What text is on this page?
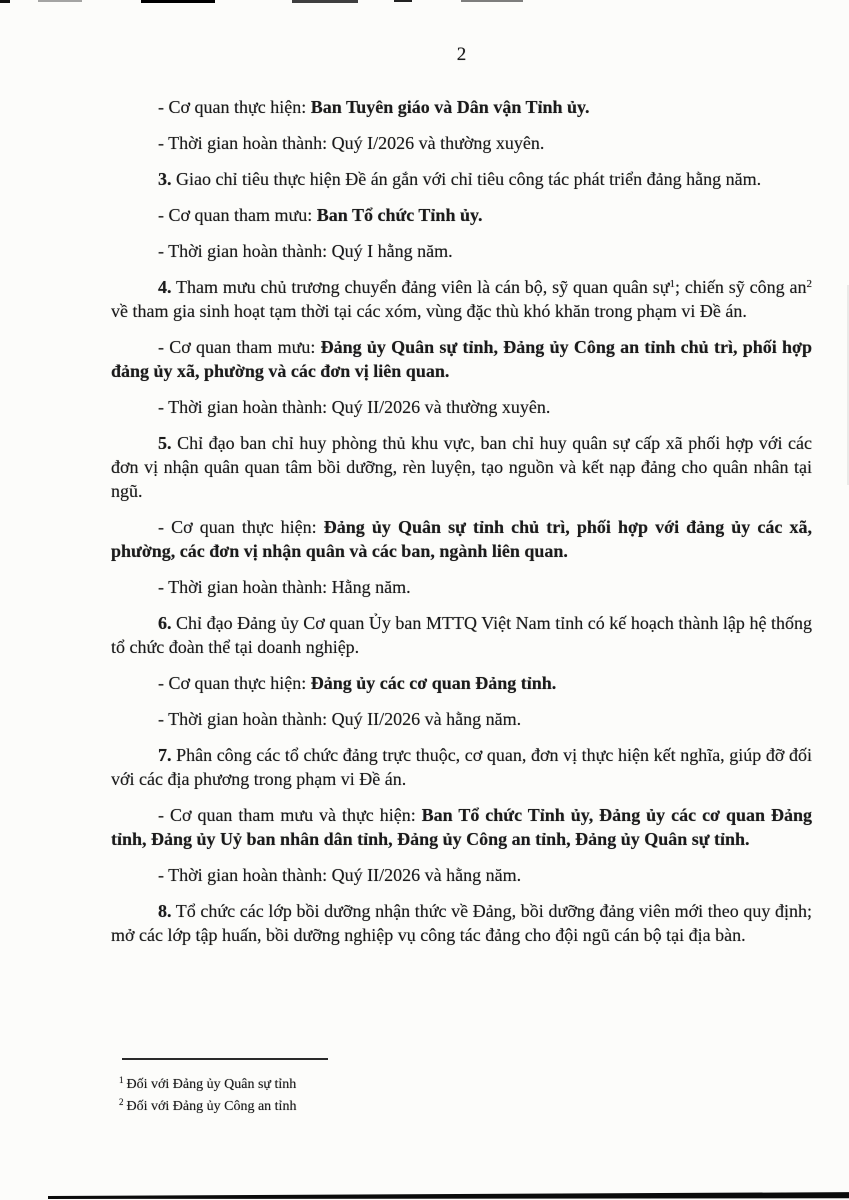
2

- Cơ quan thực hiện: Ban Tuyên giáo và Dân vận Tỉnh ủy.

- Thời gian hoàn thành: Quý I/2026 và thường xuyên.

3. Giao chỉ tiêu thực hiện Đề án gắn với chỉ tiêu công tác phát triển đảng hằng năm.

- Cơ quan tham mưu: Ban Tổ chức Tỉnh ủy.

- Thời gian hoàn thành: Quý I hằng năm.

4. Tham mưu chủ trương chuyển đảng viên là cán bộ, sỹ quan quân sự$^1$; chiến sỹ công $an^2$ về tham gia sinh hoạt tạm thời tại các xóm, vùng đặc thù khó khăn trong phạm vi Đề án.

- Cơ quan tham mưu: Đảng ủy Quân sự tỉnh, Đảng ủy Công an tỉnh chủ trì, phối hợp đảng ủy xã, phường và các đơn vị liên quan.

- Thời gian hoàn thành: Quý II/2026 và thường xuyên.

5. Chỉ đạo ban chỉ huy phòng thủ khu vực, ban chỉ huy quân sự cấp xã phối hợp với các đơn vị nhận quân quan tâm bồi dưỡng, rèn luyện, tạo nguồn và kết nạp đảng cho quân nhân tại ngũ.

- Cơ quan thực hiện: Đảng ủy Quân sự tỉnh chủ trì, phối hợp với đảng ủy các xã, phường, các đơn vị nhận quân và các ban, ngành liên quan.

- Thời gian hoàn thành: Hằng năm.

6. Chỉ đạo Đảng ủy Cơ quan Ủy ban MTTQ Việt Nam tỉnh có kế hoạch thành lập hệ thống tổ chức đoàn thể tại doanh nghiệp.

- Cơ quan thực hiện: Đảng ủy các cơ quan Đảng tỉnh.

- Thời gian hoàn thành: Quý II/2026 và hằng năm.

7. Phân công các tổ chức đảng trực thuộc, cơ quan, đơn vị thực hiện kết nghĩa, giúp đỡ đối với các địa phương trong phạm vi Đề án.

- Cơ quan tham mưu và thực hiện: Ban Tổ chức Tỉnh ủy, Đảng ủy các cơ quan Đảng tỉnh, Đảng ủy Uỷ ban nhân dân tỉnh, Đảng ủy Công an tỉnh, Đảng ủy Quân sự tỉnh.

- Thời gian hoàn thành: Quý II/2026 và hằng năm.

8. Tổ chức các lớp bồi dưỡng nhận thức về Đảng, bồi dưỡng đảng viên mới theo quy định; mở các lớp tập huấn, bồi dưỡng nghiệp vụ công tác đảng cho đội ngũ cán bộ tại địa bàn.

$^1$ Đối với Đảng ủy Quân sự tỉnh

$^2$ Đối với Đảng ủy Công an tỉnh
